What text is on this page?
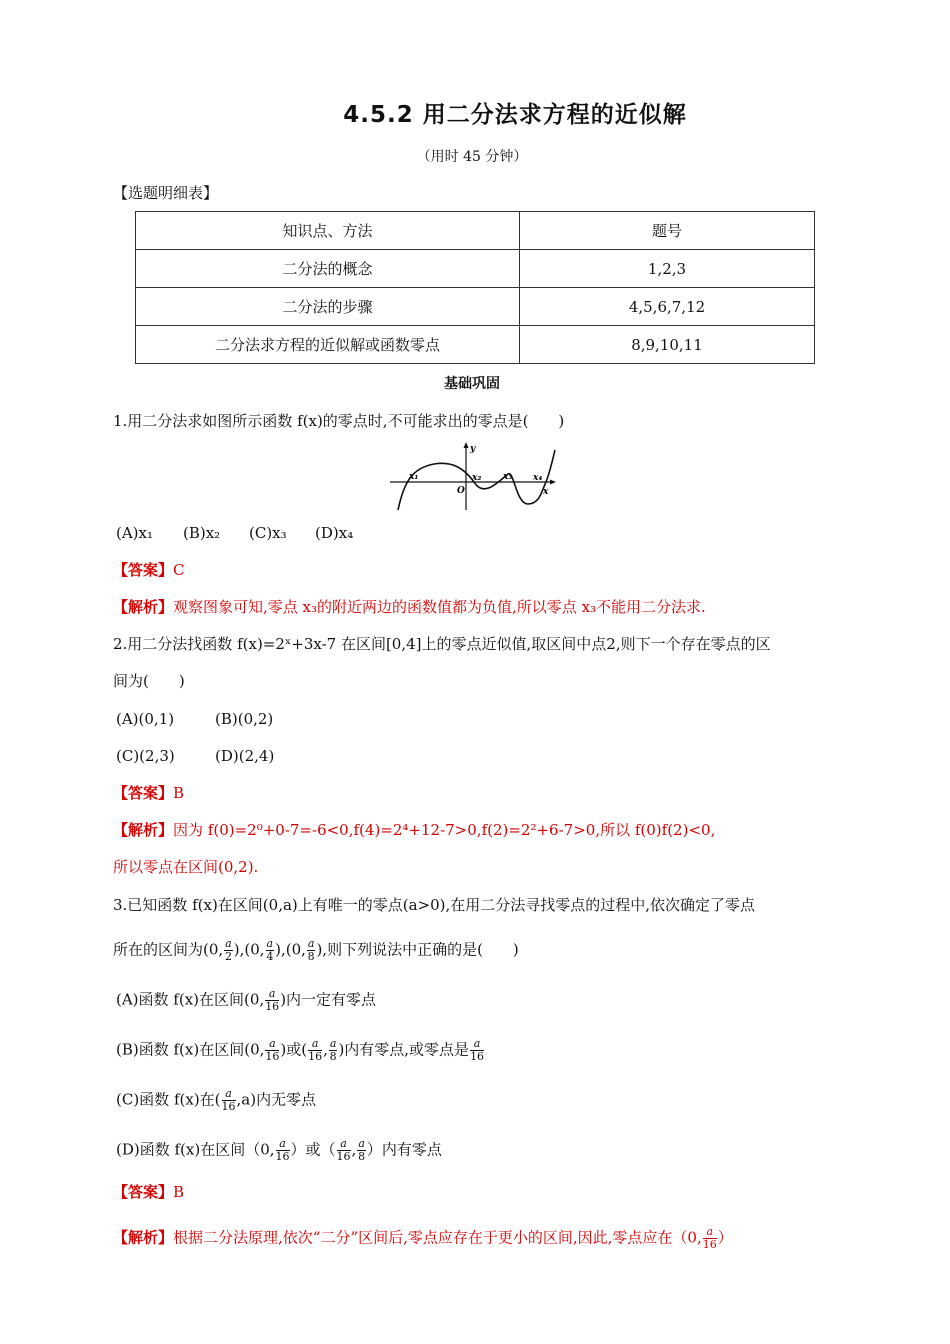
4.5.2 用二分法求方程的近似解
（用时 45 分钟）
【选题明细表】
知识点、方法	题号
二分法的概念	1,2,3
二分法的步骤	4,5,6,7,12
二分法求方程的近似解或函数零点	8,9,10,11
基础巩固
1.用二分法求如图所示函数 f(x)的零点时,不可能求出的零点是(　　)
x₁
O
x₂ x₃ x₄
x
y
(A)x₁ (B)x₂ (C)x₃ (D)x₄
【答案】C
【解析】观察图象可知,零点 x₃的附近两边的函数值都为负值,所以零点 x₃不能用二分法求.
2.用二分法找函数 f(x)=2ˣ+3x-7 在区间[0,4]上的零点近似值,取区间中点2,则下一个存在零点的区
间为(　　)
(A)(0,1)	(B)(0,2)
(C)(2,3)	(D)(2,4)
【答案】B
【解析】因为 f(0)=2⁰+0-7=-6<0,f(4)=2⁴+12-7>0,f(2)=2²+6-7>0,所以 f(0)f(2)<0,
所以零点在区间(0,2).
3.已知函数 f(x)在区间(0,a)上有唯一的零点(a>0),在用二分法寻找零点的过程中,依次确定了零点
所在的区间为(0, $\frac{a}{2} ),(0$, $\frac{a}{4} ),(0$, $\frac{a}{8}$ ),则下列说法中正确的是(　　)
(A)函数 f(x)在区间(0, $\frac{a}{16}$ )内一定有零点
(B)函数 f(x)在区间(0, $\frac{a}{16}$ )或( $\frac{a}{16}$ , $\frac{a}{8}$ )内有零点,或零点是 $\frac{a}{16}$
(C)函数 f(x)在( $\frac{a}{16} ,a$)内无零点
(D)函数 f(x)在区间（0, $\frac{a}{16}$ ）或（ $\frac{a}{16}$ , $\frac{a}{8}$ ）内有零点
【答案】B
【解析】根据二分法原理,依次“二分”区间后,零点应存在于更小的区间,因此,零点应在（0, $\frac{a}{16}$ ）
